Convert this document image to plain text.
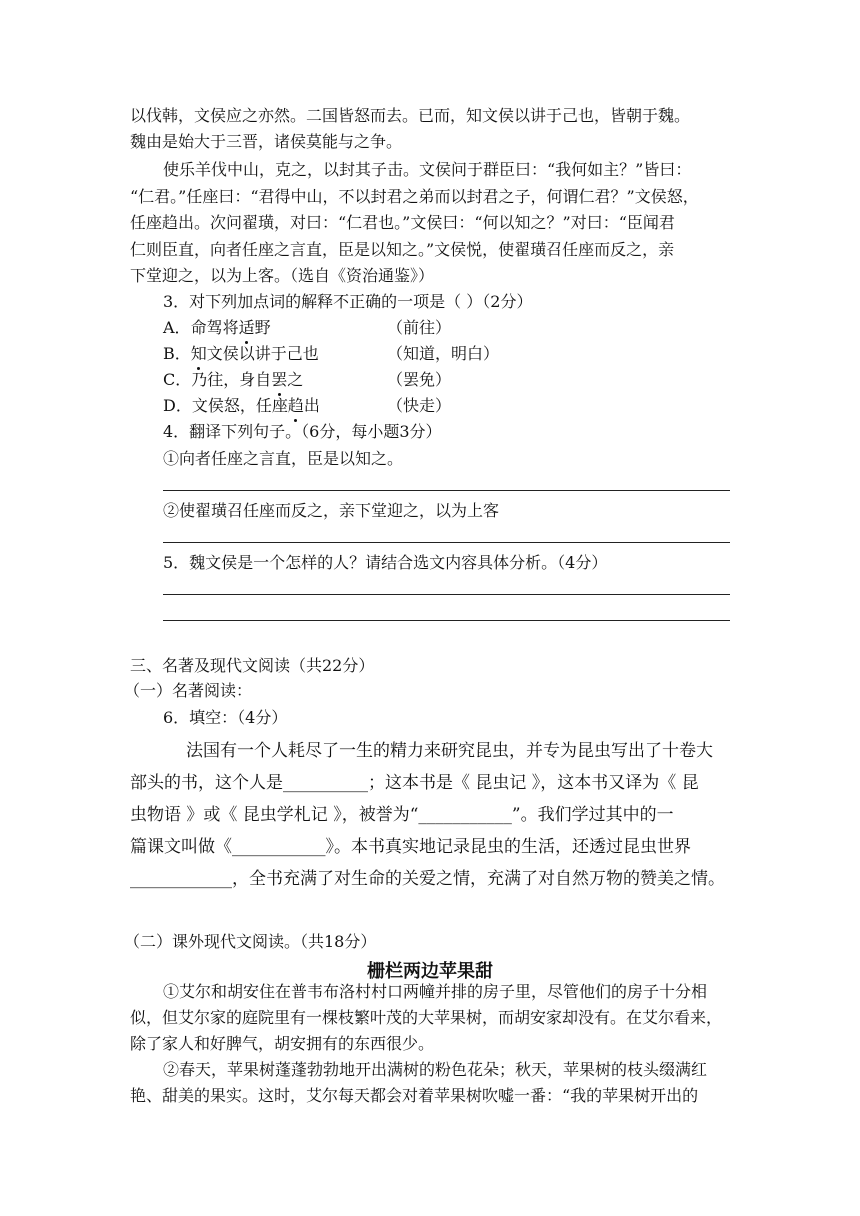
以伐韩，文侯应之亦然。二国皆怒而去。已而，知文侯以讲于己也，皆朝于魏。
魏由是始大于三晋，诸侯莫能与之争。
使乐羊伐中山，克之，以封其子击。文侯问于群臣曰：“我何如主？”皆曰：
“仁君。”任座曰：“君得中山，不以封君之弟而以封君之子，何谓仁君？”文侯怒，
任座趋出。次问翟璜，对曰：“仁君也。”文侯曰：“何以知之？”对曰：“臣闻君
仁则臣直，向者任座之言直，臣是以知之。”文侯悦，使翟璜召任座而反之，亲
下堂迎之，以为上客。（选自《资治通鉴》）
3．对下列加点词的解释不正确的一项是（ ）（2分）
A．命驾将适野	（前往）
B．知文侯以讲于己也	（知道，明白）
C．乃往，身自罢之	（罢免）
D．文侯怒，任座趋出	（快走）
4．翻译下列句子。（6分，每小题3分）
①向者任座之言直，臣是以知之。
②使翟璜召任座而反之，亲下堂迎之，以为上客
5．魏文侯是一个怎样的人？请结合选文内容具体分析。（4分）
三、名著及现代文阅读（共22分）
（一）名著阅读：
6．填空：（4分）
法国有一个人耗尽了一生的精力来研究昆虫，并专为昆虫写出了十卷大
部头的书，这个人是__________；这本书是《 昆虫记 》，这本书又译为《 昆
虫物语 》或《 昆虫学札记 》，被誉为“___________”。我们学过其中的一
篇课文叫做《___________》。本书真实地记录昆虫的生活，还透过昆虫世界
____________，全书充满了对生命的关爱之情，充满了对自然万物的赞美之情。
（二）课外现代文阅读。（共18分）
栅栏两边苹果甜
①艾尔和胡安住在普韦布洛村村口两幢并排的房子里，尽管他们的房子十分相
似，但艾尔家的庭院里有一棵枝繁叶茂的大苹果树，而胡安家却没有。在艾尔看来，
除了家人和好脾气，胡安拥有的东西很少。
②春天，苹果树蓬蓬勃勃地开出满树的粉色花朵；秋天，苹果树的枝头缀满红
艳、甜美的果实。这时，艾尔每天都会对着苹果树吹嘘一番：“我的苹果树开出的
